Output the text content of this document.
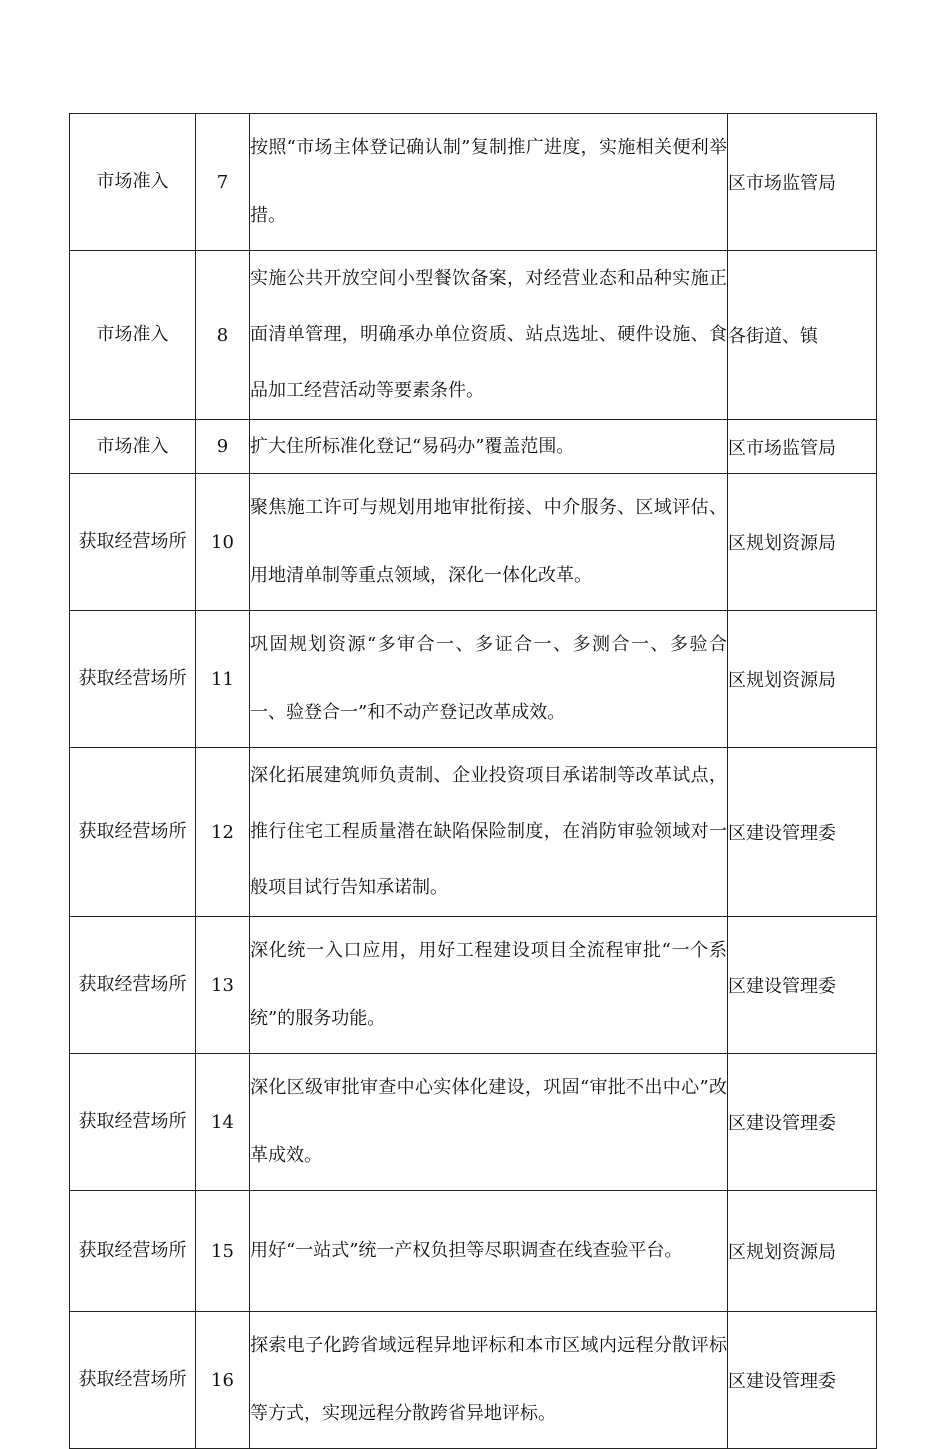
市场准入	7	按照“市场主体登记确认制”复制推广进度，实施相关便利举措。	区市场监管局
市场准入	8	实施公共开放空间小型餐饮备案，对经营业态和品种实施正面清单管理，明确承办单位资质、站点选址、硬件设施、食品加工经营活动等要素条件。	各街道、镇
市场准入	9	扩大住所标准化登记“易码办”覆盖范围。	区市场监管局
获取经营场所	10	聚焦施工许可与规划用地审批衔接、中介服务、区域评估、用地清单制等重点领域，深化一体化改革。	区规划资源局
获取经营场所	11	巩固规划资源“多审合一、多证合一、多测合一、多验合一、验登合一”和不动产登记改革成效。	区规划资源局
获取经营场所	12	深化拓展建筑师负责制、企业投资项目承诺制等改革试点，推行住宅工程质量潜在缺陷保险制度，在消防审验领域对一般项目试行告知承诺制。	区建设管理委
获取经营场所	13	深化统一入口应用，用好工程建设项目全流程审批“一个系统”的服务功能。	区建设管理委
获取经营场所	14	深化区级审批审查中心实体化建设，巩固“审批不出中心”改革成效。	区建设管理委
获取经营场所	15	用好“一站式”统一产权负担等尽职调查在线查验平台。	区规划资源局
获取经营场所	16	探索电子化跨省域远程异地评标和本市区域内远程分散评标等方式，实现远程分散跨省异地评标。	区建设管理委
